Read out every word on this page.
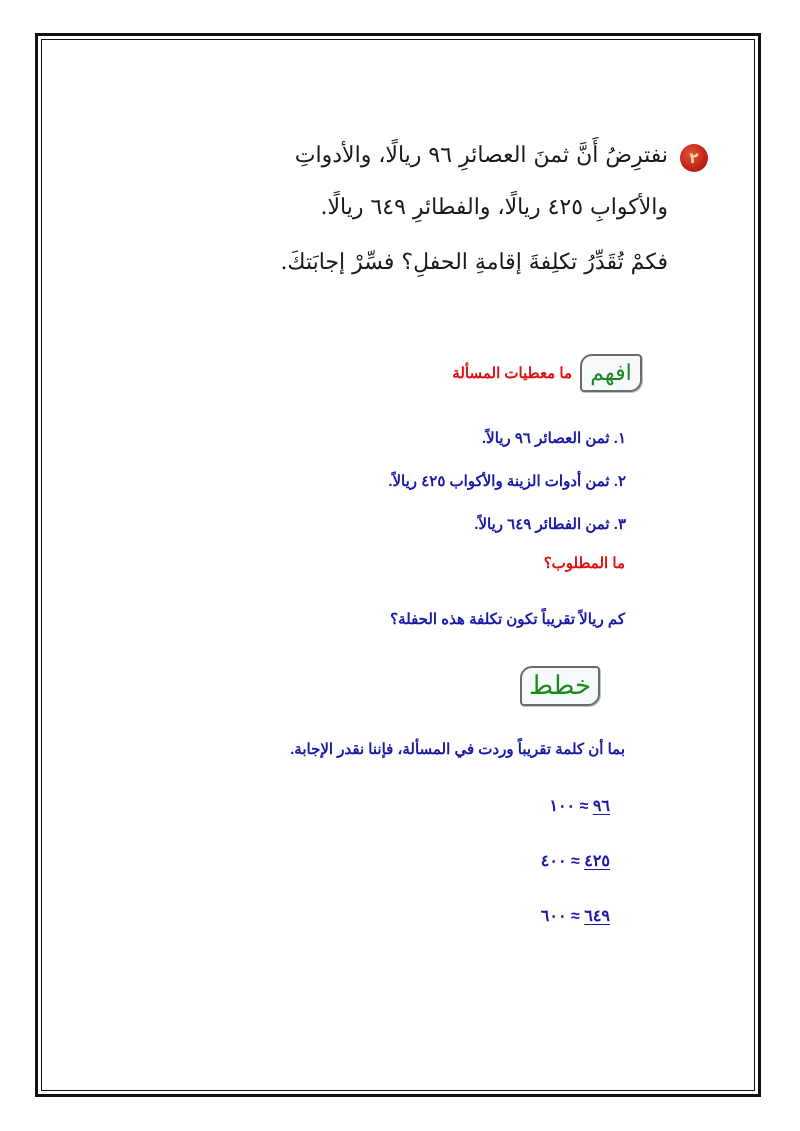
٢
نفترِضُ أَنَّ ثمنَ العصائرِ ٩٦ ريالًا، والأدواتِ
والأكوابِ ٤٢٥ ريالًا، والفطائرِ ٦٤٩ ريالًا.
فكمْ تُقَدِّرُ تكلِفةَ إقامةِ الحفلِ؟ فسِّرْ إجابَتكَ.
افهم
ما معطيات المسألة
١. ثمن العصائر ٩٦ ريالاً.
٢. ثمن أدوات الزينة والأكواب ٤٢٥ ريالاً.
٣. ثمن الفطائر ٦٤٩ ريالاً.
ما المطلوب؟
كم ريالاً تقريباً تكون تكلفة هذه الحفلة؟
خطط
بما أن كلمة تقريباً وردت في المسألة، فإننا نقدر الإجابة.
٩٦ ≈ ١٠٠
٤٢٥ ≈ ٤٠٠
٦٤٩ ≈ ٦٠٠
